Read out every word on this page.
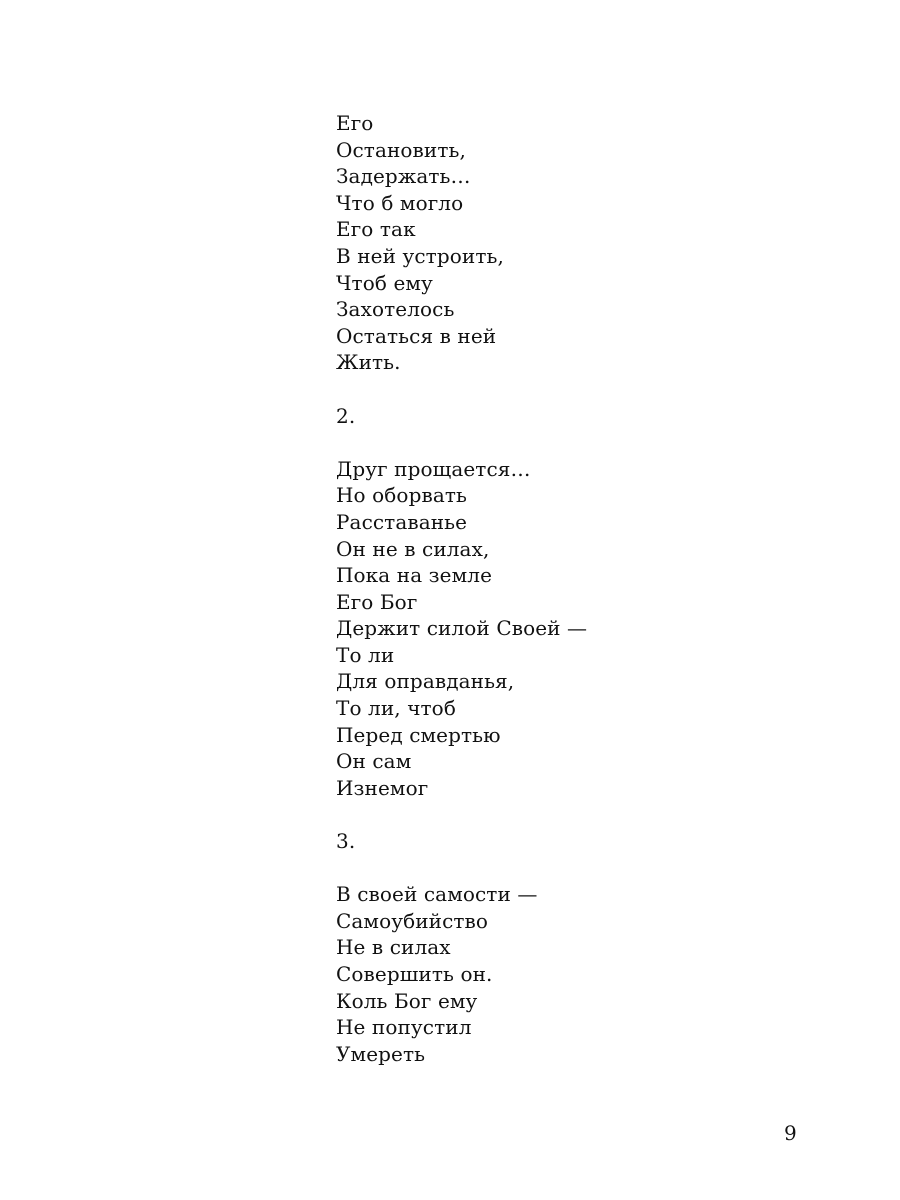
Его
Остановить,
Задержать…
Что б могло
Его так
В ней устроить,
Чтоб ему
Захотелось
Остаться в ней
Жить.
2.
Друг прощается…
Но оборвать
Расставанье
Он не в силах,
Пока на земле
Его Бог
Держит силой Своей —
То ли
Для оправданья,
То ли, чтоб
Перед смертью
Он сам
Изнемог
3.
В своей самости —
Самоубийство
Не в силах
Совершить он.
Коль Бог ему
Не попустил
Умереть
9
